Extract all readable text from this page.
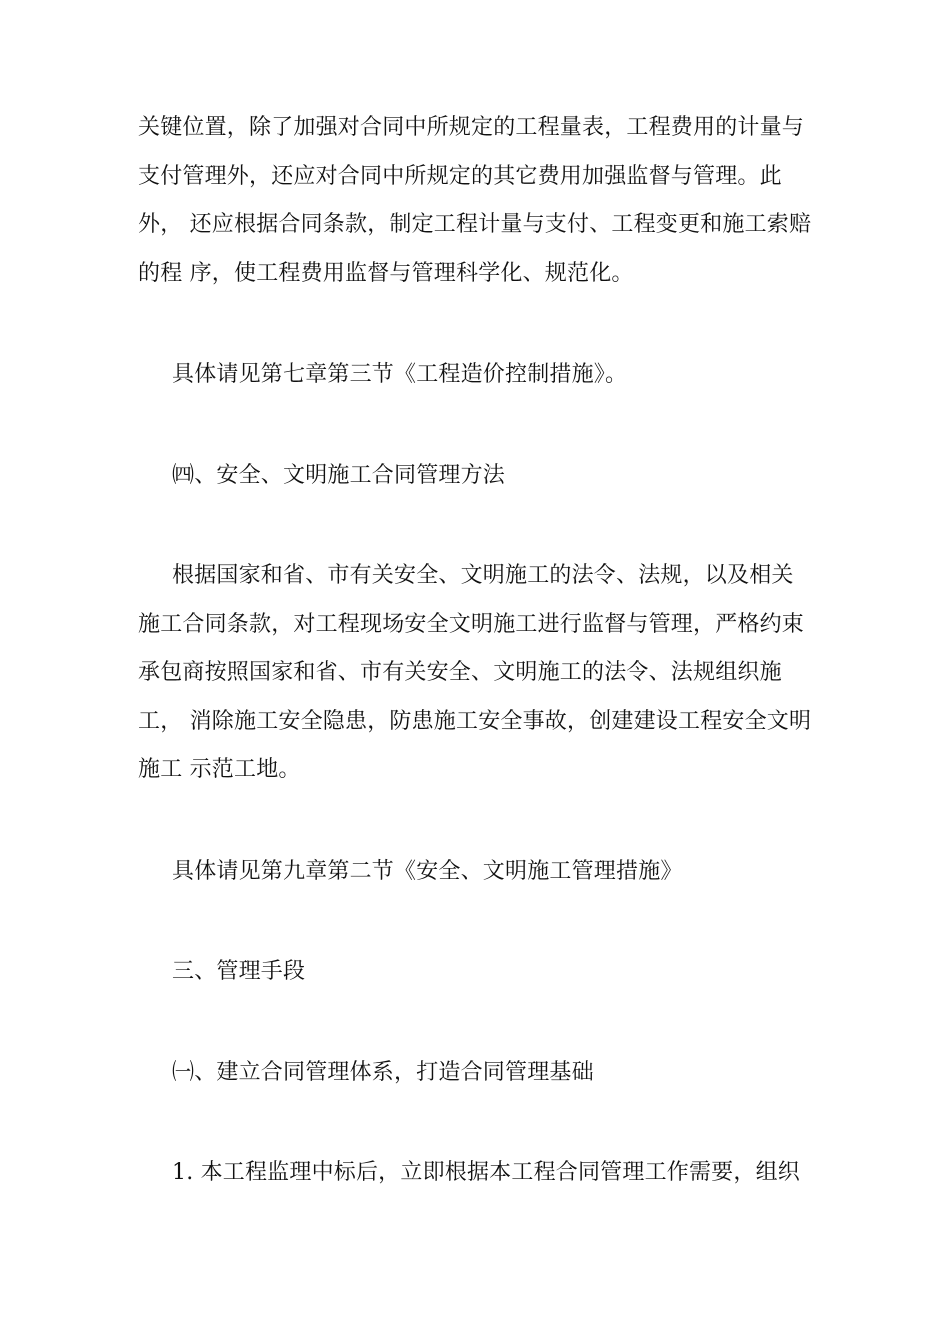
关键位置，除了加强对合同中所规定的工程量表，工程费用的计量与
支付管理外，还应对合同中所规定的其它费用加强监督与管理。此
外， 还应根据合同条款，制定工程计量与支付、工程变更和施工索赔
的程 序，使工程费用监督与管理科学化、规范化。

具体请见第七章第三节《工程造价控制措施》。

㈣、安全、文明施工合同管理方法

根据国家和省、市有关安全、文明施工的法令、法规，以及相关
施工合同条款，对工程现场安全文明施工进行监督与管理，严格约束
承包商按照国家和省、市有关安全、文明施工的法令、法规组织施
工， 消除施工安全隐患，防患施工安全事故，创建建设工程安全文明
施工 示范工地。

具体请见第九章第二节《安全、文明施工管理措施》

三、管理手段

㈠、建立合同管理体系，打造合同管理基础

1. 本工程监理中标后，立即根据本工程合同管理工作需要，组织
